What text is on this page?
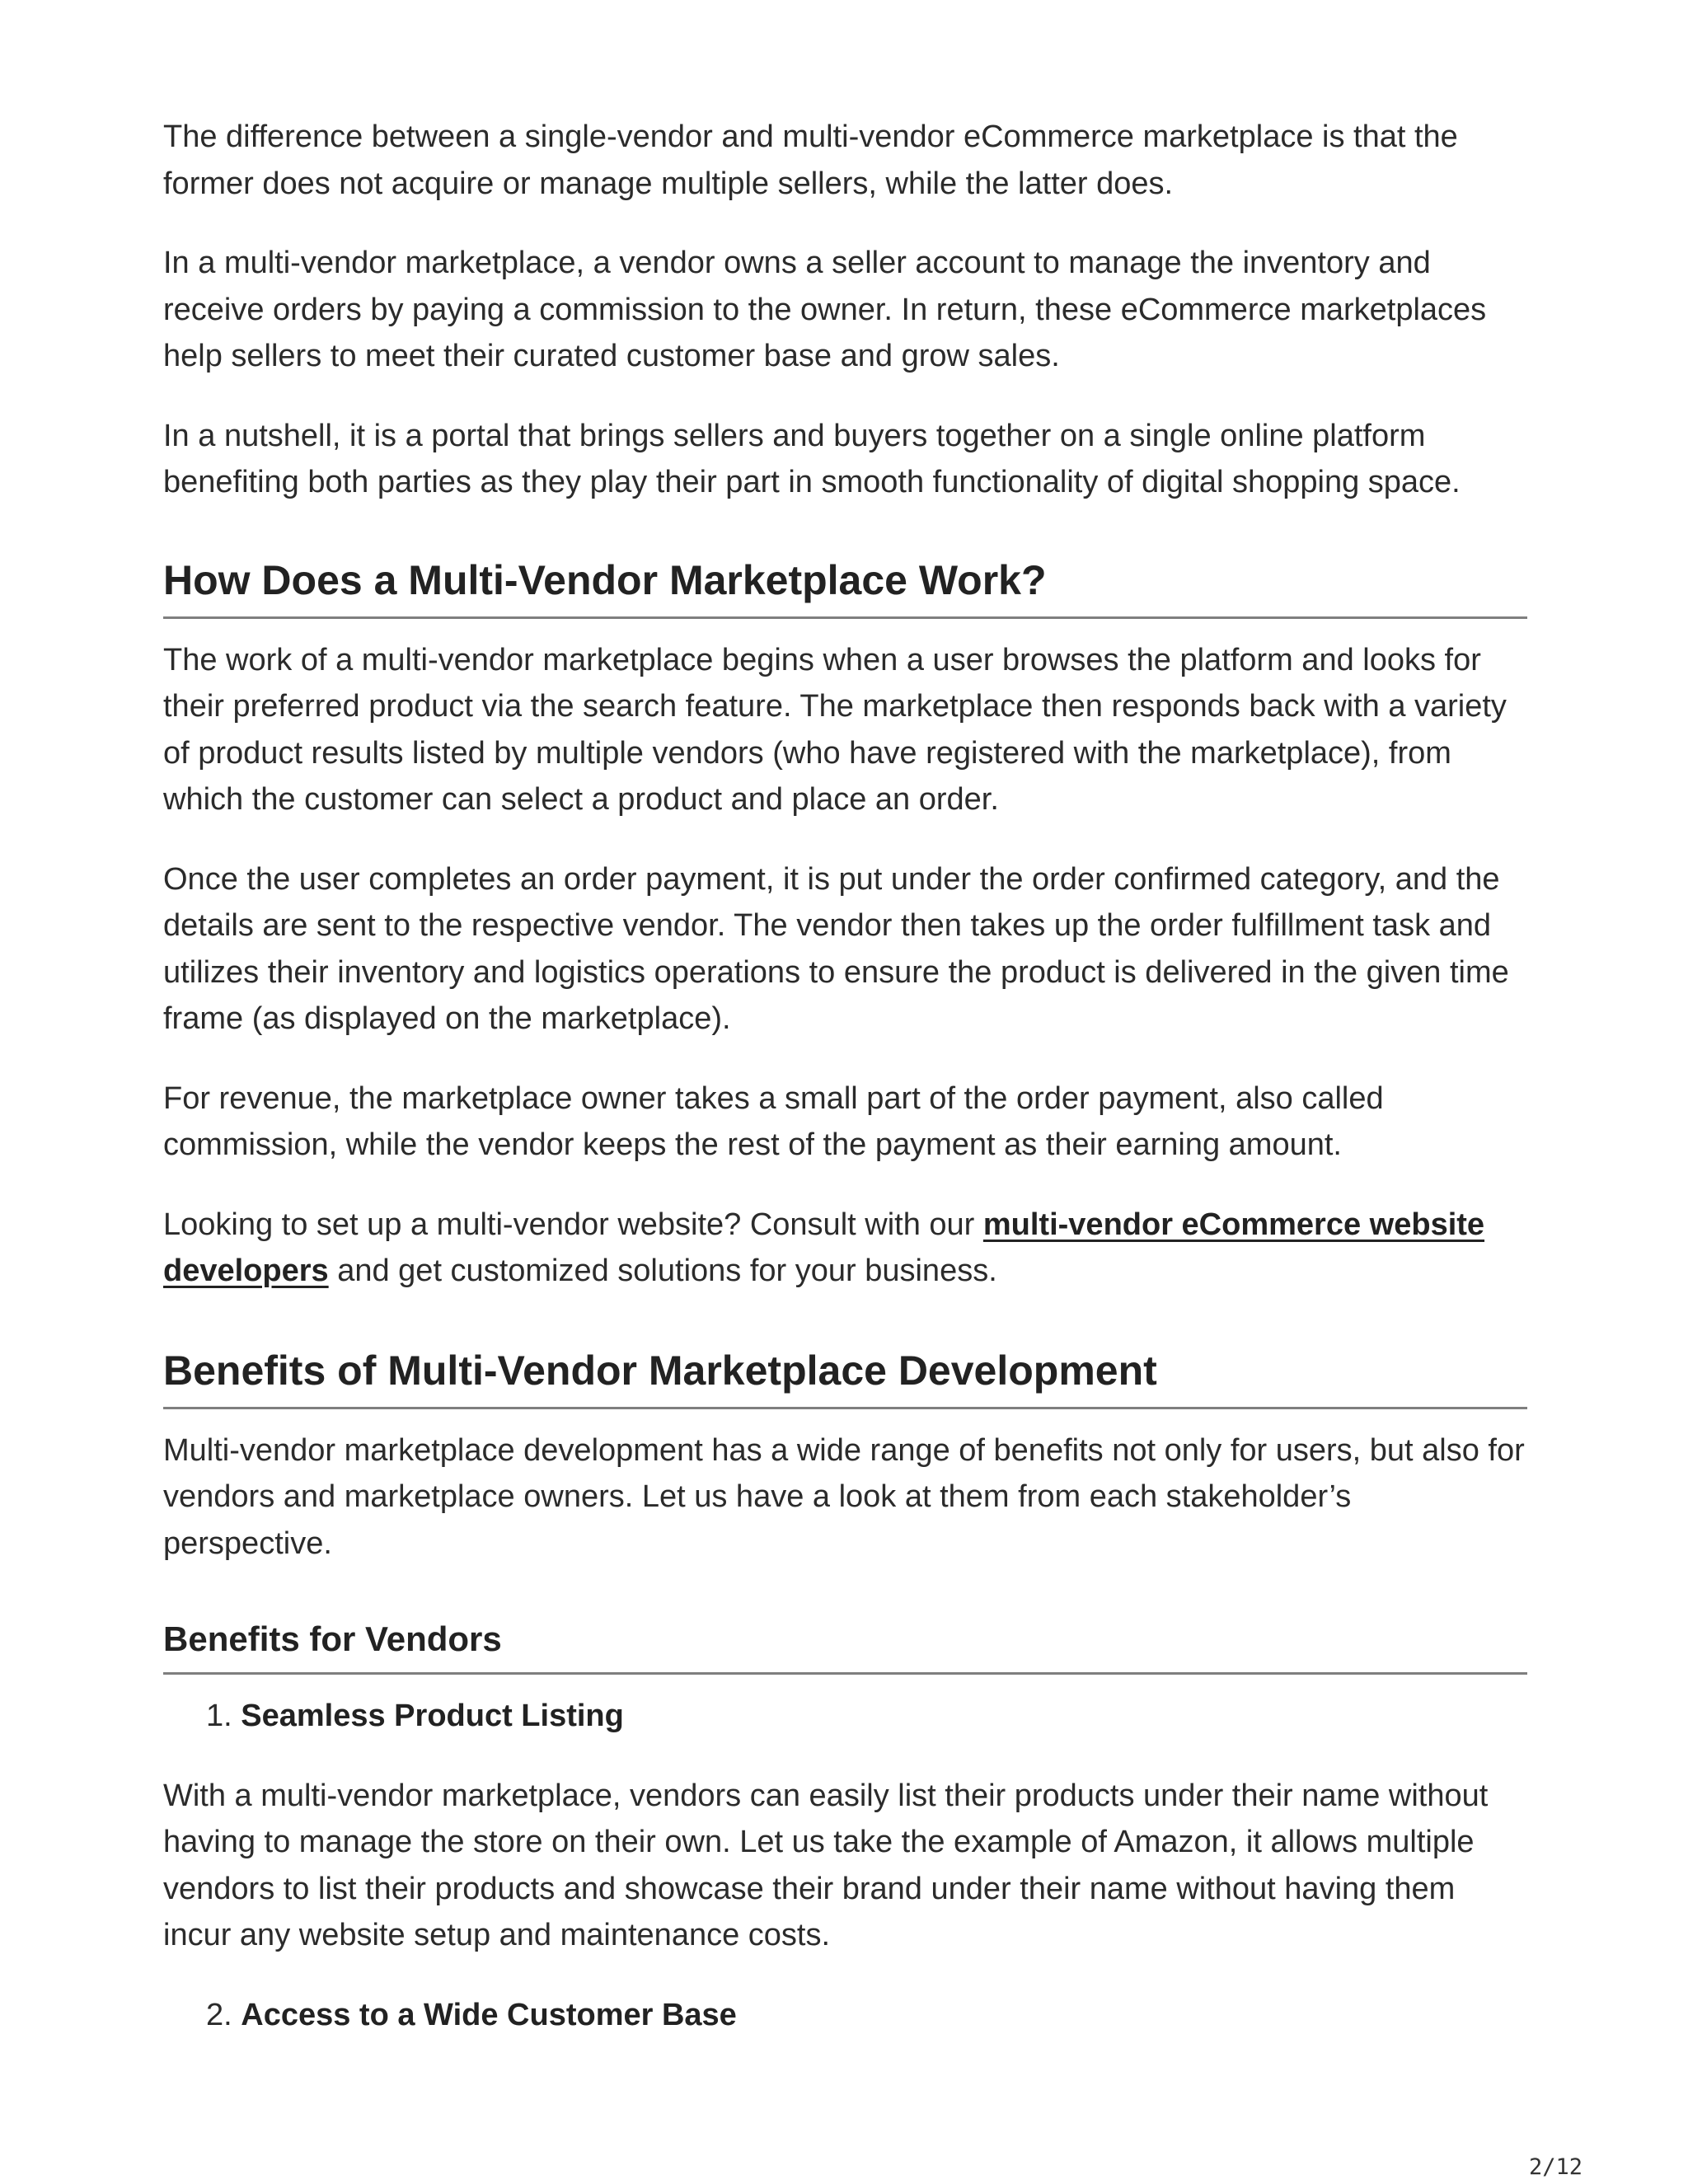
The difference between a single-vendor and multi-vendor eCommerce marketplace is that the former does not acquire or manage multiple sellers, while the latter does.

In a multi-vendor marketplace, a vendor owns a seller account to manage the inventory and receive orders by paying a commission to the owner. In return, these eCommerce marketplaces help sellers to meet their curated customer base and grow sales.

In a nutshell, it is a portal that brings sellers and buyers together on a single online platform benefiting both parties as they play their part in smooth functionality of digital shopping space.

How Does a Multi-Vendor Marketplace Work?

The work of a multi-vendor marketplace begins when a user browses the platform and looks for their preferred product via the search feature. The marketplace then responds back with a variety of product results listed by multiple vendors (who have registered with the marketplace), from which the customer can select a product and place an order.

Once the user completes an order payment, it is put under the order confirmed category, and the details are sent to the respective vendor. The vendor then takes up the order fulfillment task and utilizes their inventory and logistics operations to ensure the product is delivered in the given time frame (as displayed on the marketplace).

For revenue, the marketplace owner takes a small part of the order payment, also called commission, while the vendor keeps the rest of the payment as their earning amount.

Looking to set up a multi-vendor website? Consult with our multi-vendor eCommerce website developers and get customized solutions for your business.

Benefits of Multi-Vendor Marketplace Development

Multi-vendor marketplace development has a wide range of benefits not only for users, but also for vendors and marketplace owners. Let us have a look at them from each stakeholder’s perspective.

Benefits for Vendors
1. Seamless Product Listing

With a multi-vendor marketplace, vendors can easily list their products under their name without having to manage the store on their own. Let us take the example of Amazon, it allows multiple vendors to list their products and showcase their brand under their name without having them incur any website setup and maintenance costs.

2. Access to a Wide Customer Base
2/12
